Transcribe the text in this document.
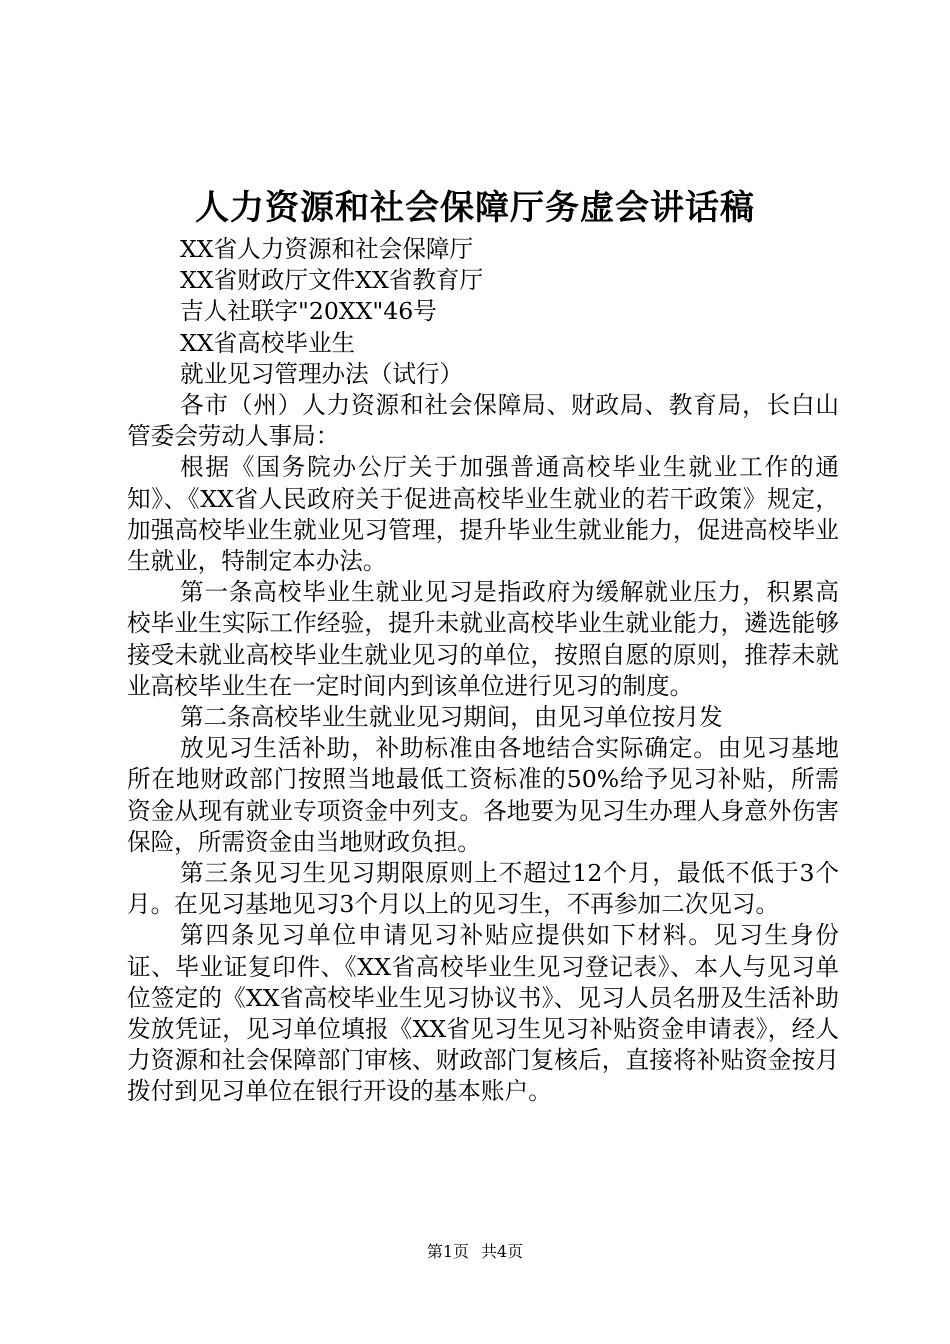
人力资源和社会保障厅务虚会讲话稿
XX省人力资源和社会保障厅
XX省财政厅文件XX省教育厅
吉人社联字"20XX"46号
XX省高校毕业生
就业见习管理办法（试行）

各市（州）人力资源和社会保障局、财政局、教育局，长白山管委会劳动人事局：

根据《国务院办公厅关于加强普通高校毕业生就业工作的通知》、《XX省人民政府关于促进高校毕业生就业的若干政策》规定，加强高校毕业生就业见习管理，提升毕业生就业能力，促进高校毕业生就业，特制定本办法。

第一条高校毕业生就业见习是指政府为缓解就业压力，积累高校毕业生实际工作经验，提升未就业高校毕业生就业能力，遴选能够接受未就业高校毕业生就业见习的单位，按照自愿的原则，推荐未就业高校毕业生在一定时间内到该单位进行见习的制度。

第二条高校毕业生就业见习期间，由见习单位按月发

放见习生活补助，补助标准由各地结合实际确定。由见习基地所在地财政部门按照当地最低工资标准的50%给予见习补贴，所需资金从现有就业专项资金中列支。各地要为见习生办理人身意外伤害保险，所需资金由当地财政负担。

第三条见习生见习期限原则上不超过12个月，最低不低于3个月。在见习基地见习3个月以上的见习生，不再参加二次见习。

第四条见习单位申请见习补贴应提供如下材料。见习生身份证、毕业证复印件、《XX省高校毕业生见习登记表》、本人与见习单位签定的《XX省高校毕业生见习协议书》、见习人员名册及生活补助发放凭证，见习单位填报《XX省见习生见习补贴资金申请表》，经人力资源和社会保障部门审核、财政部门复核后，直接将补贴资金按月拨付到见习单位在银行开设的基本账户。

第1页 共4页
